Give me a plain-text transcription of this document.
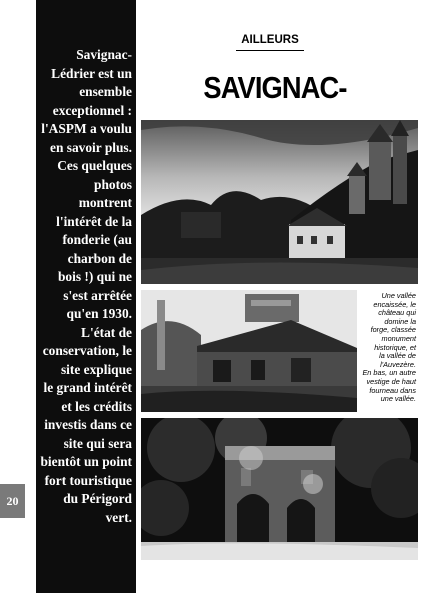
Savignac-
Lédrier est un
ensemble
exceptionnel :
l'ASPM a voulu
en savoir plus.
Ces quelques
photos
montrent
l'intérêt de la
fonderie (au
charbon de
bois !) qui ne
s'est arrêtée
qu'en 1930.
L'état de
conservation, le
site explique
le grand intérêt
et les crédits
investis dans ce
site qui sera
bientôt un point
fort touristique
du Périgord
vert.
20
AILLEURS
SAVIGNAC-
Une vallée
encaissée, le
château qui
domine la
forge, classée
monument
historique, et
la vallée de
l'Auvezère.
En bas, un autre
vestige de haut
fourneau dans
une vallée.
